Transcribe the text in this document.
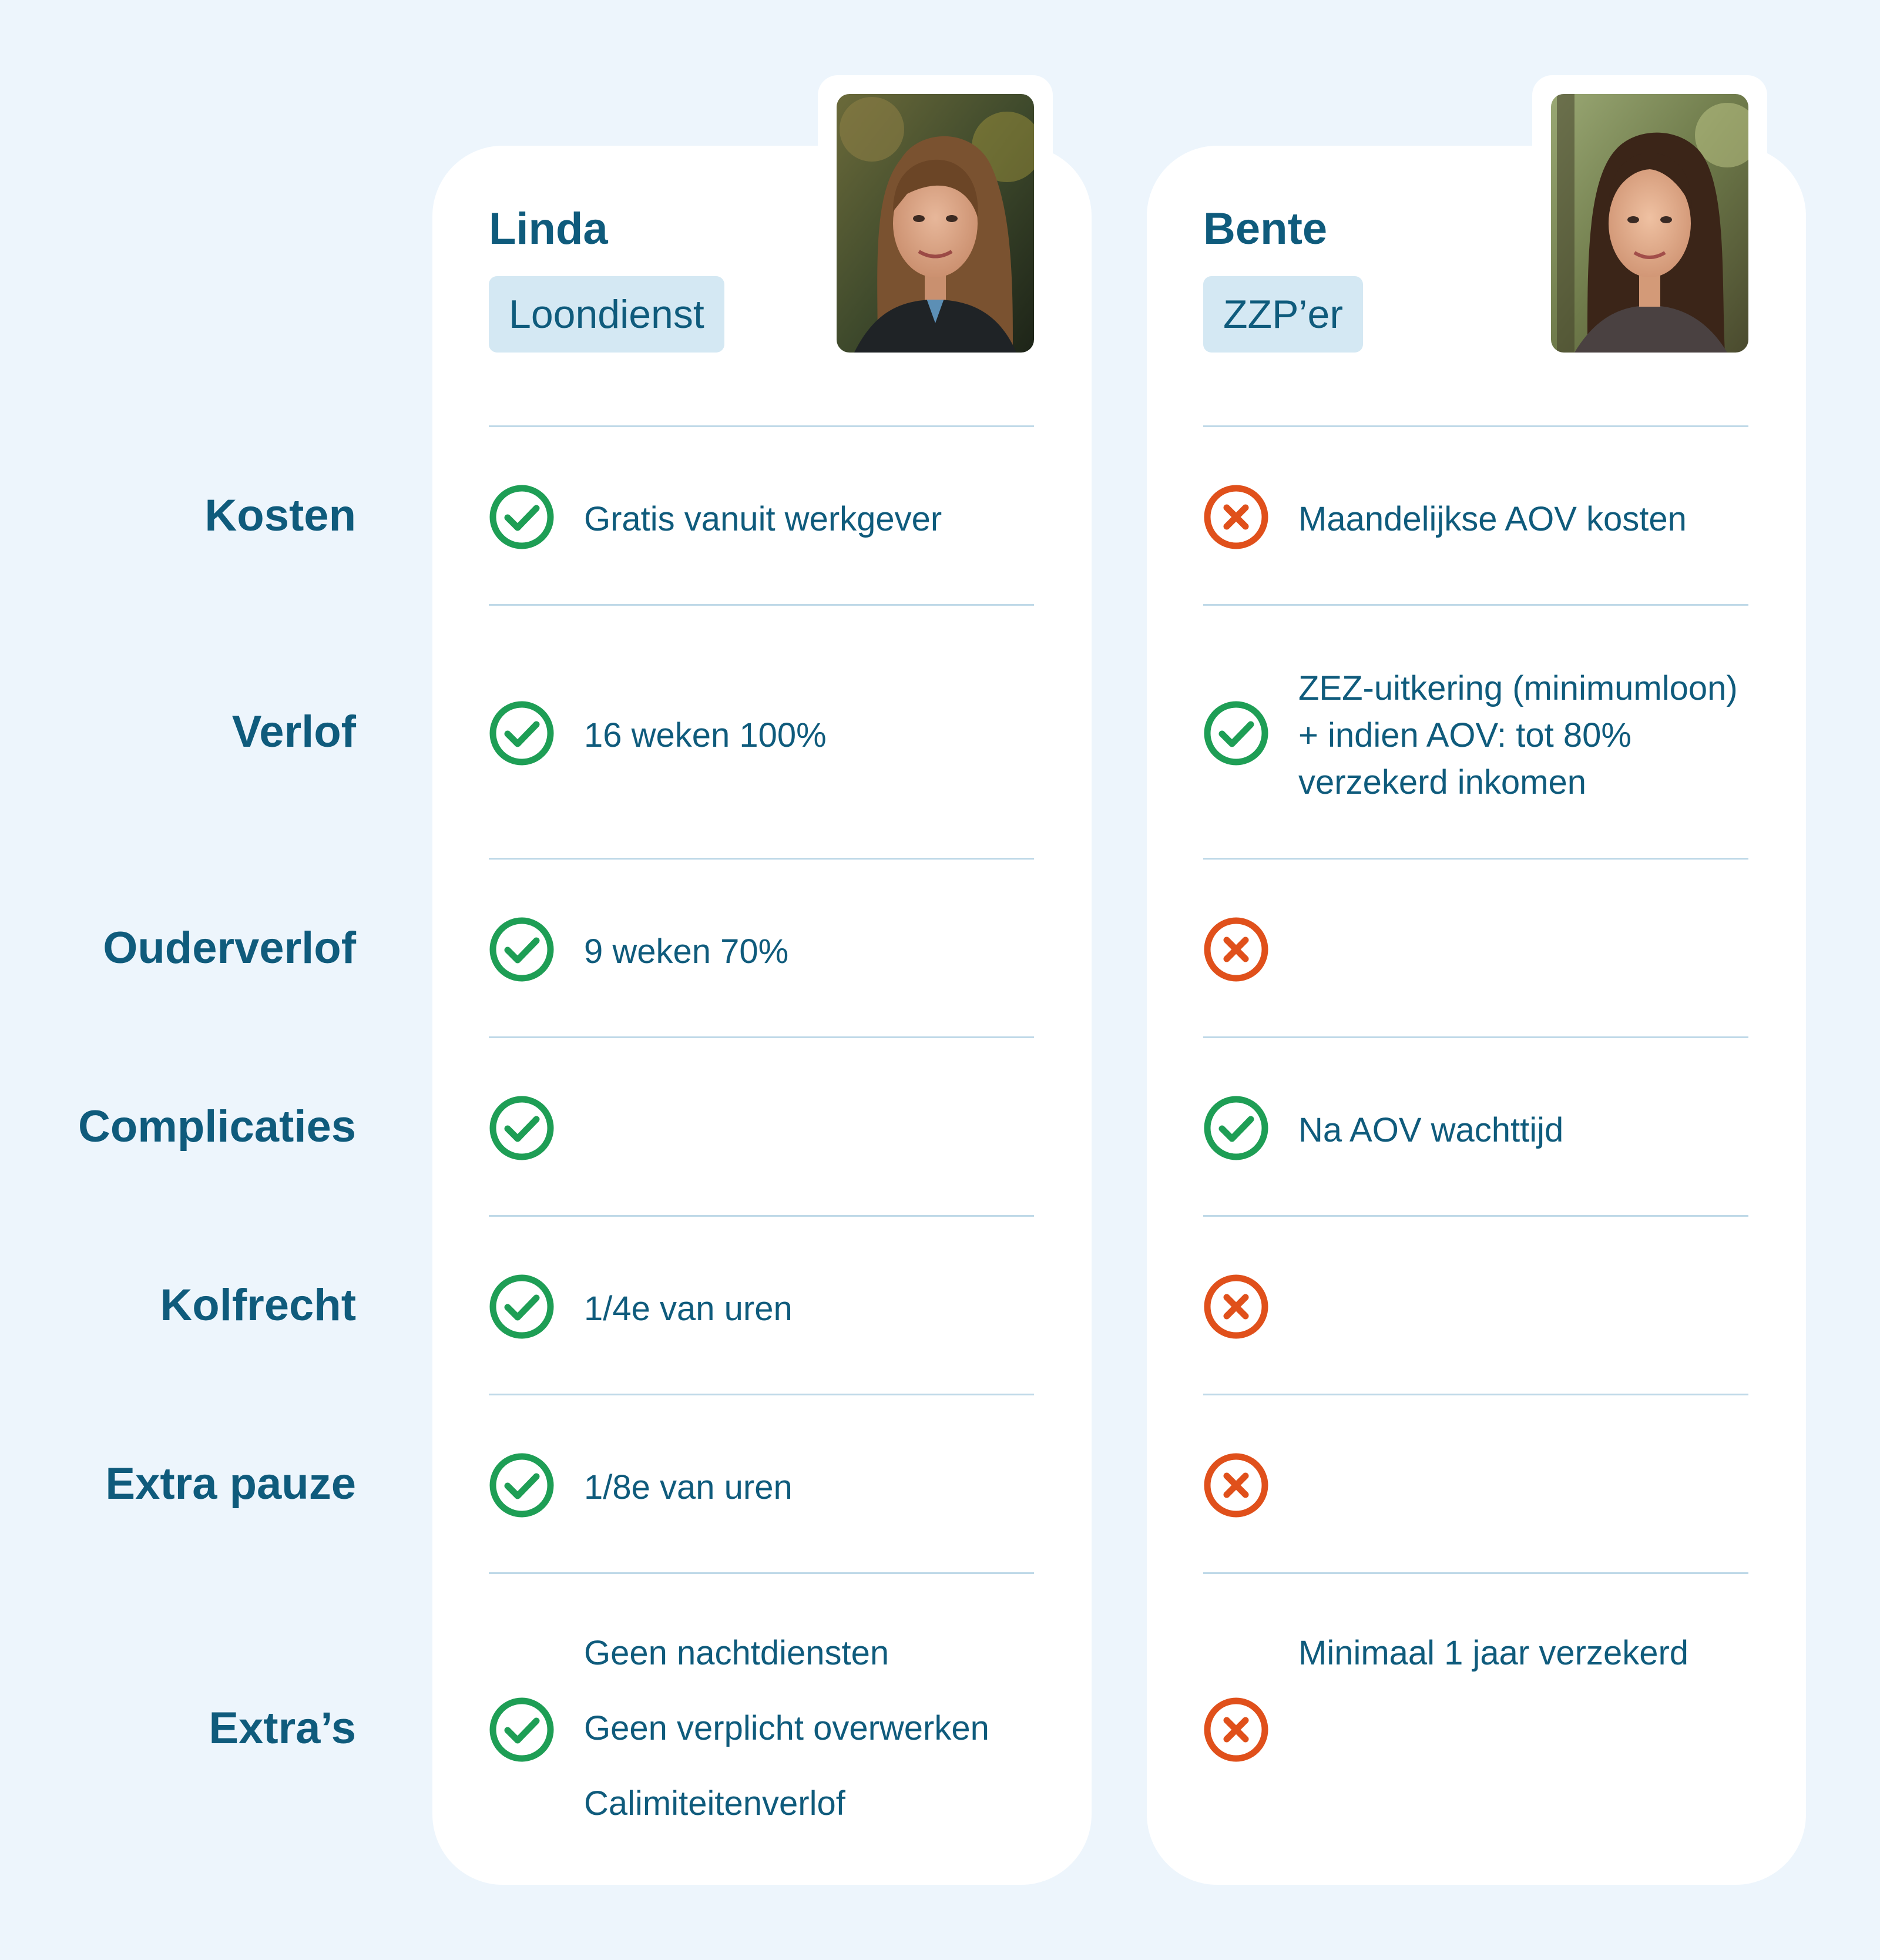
Kosten
Verlof
Ouderverlof
Complicaties
Kolfrecht
Extra pauze
Extra’s
Linda
Loondienst
Bente
ZZP’er
Gratis vanuit werkgever
16 weken 100%
9 weken 70%
1/4e van uren
1/8e van uren
Geen nachtdiensten
Geen verplicht overwerken
Calimiteitenverlof
Maandelijkse AOV kosten
ZEZ-uitkering (minimumloon)
+ indien AOV: tot 80%
verzekerd inkomen
Na AOV wachttijd
Minimaal 1 jaar verzekerd
